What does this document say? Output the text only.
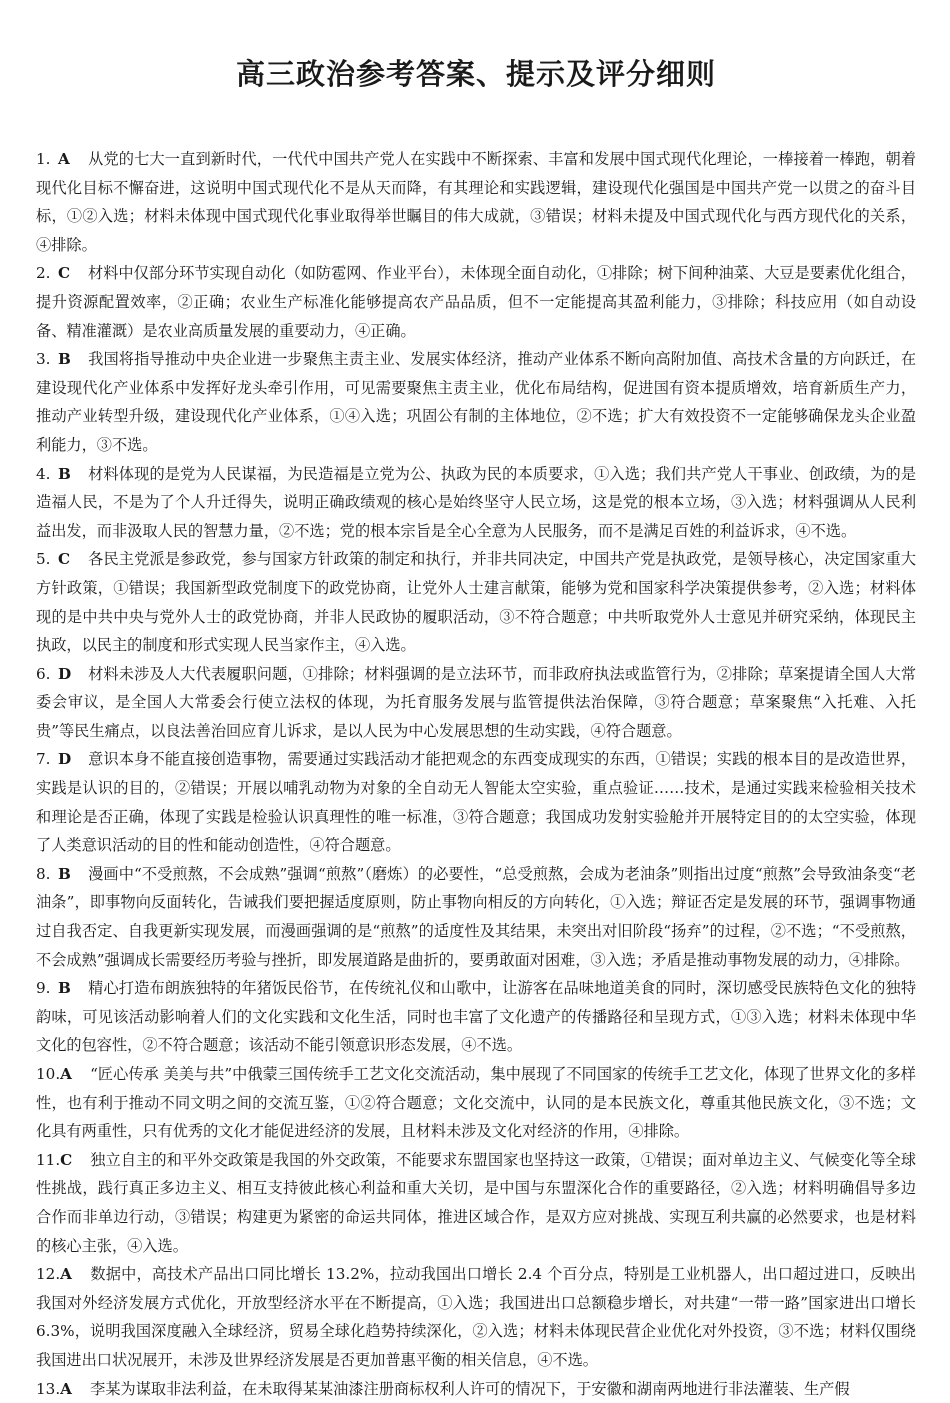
高三政治参考答案、提示及评分细则

1. A 从党的七大一直到新时代，一代代中国共产党人在实践中不断探索、丰富和发展中国式现代化理论，一棒接着一棒跑，朝着现代化目标不懈奋进，这说明中国式现代化不是从天而降，有其理论和实践逻辑，建设现代化强国是中国共产党一以贯之的奋斗目标，①②入选；材料未体现中国式现代化事业取得举世瞩目的伟大成就，③错误；材料未提及中国式现代化与西方现代化的关系，④排除。

2. C 材料中仅部分环节实现自动化（如防雹网、作业平台），未体现全面自动化，①排除；树下间种油菜、大豆是要素优化组合，提升资源配置效率，②正确；农业生产标准化能够提高农产品品质，但不一定能提高其盈利能力，③排除；科技应用（如自动设备、精准灌溉）是农业高质量发展的重要动力，④正确。

3. B 我国将指导推动中央企业进一步聚焦主责主业、发展实体经济，推动产业体系不断向高附加值、高技术含量的方向跃迁，在建设现代化产业体系中发挥好龙头牵引作用，可见需要聚焦主责主业，优化布局结构，促进国有资本提质增效，培育新质生产力，推动产业转型升级，建设现代化产业体系，①④入选；巩固公有制的主体地位，②不选；扩大有效投资不一定能够确保龙头企业盈利能力，③不选。

4. B 材料体现的是党为人民谋福，为民造福是立党为公、执政为民的本质要求，①入选；我们共产党人干事业、创政绩，为的是造福人民，不是为了个人升迁得失，说明正确政绩观的核心是始终坚守人民立场，这是党的根本立场，③入选；材料强调从人民利益出发，而非汲取人民的智慧力量，②不选；党的根本宗旨是全心全意为人民服务，而不是满足百姓的利益诉求，④不选。

5. C 各民主党派是参政党，参与国家方针政策的制定和执行，并非共同决定，中国共产党是执政党，是领导核心，决定国家重大方针政策，①错误；我国新型政党制度下的政党协商，让党外人士建言献策，能够为党和国家科学决策提供参考，②入选；材料体现的是中共中央与党外人士的政党协商，并非人民政协的履职活动，③不符合题意；中共听取党外人士意见并研究采纳，体现民主执政，以民主的制度和形式实现人民当家作主，④入选。

6. D 材料未涉及人大代表履职问题，①排除；材料强调的是立法环节，而非政府执法或监管行为，②排除；草案提请全国人大常委会审议，是全国人大常委会行使立法权的体现，为托育服务发展与监管提供法治保障，③符合题意；草案聚焦“入托难、入托贵”等民生痛点，以良法善治回应育儿诉求，是以人民为中心发展思想的生动实践，④符合题意。

7. D 意识本身不能直接创造事物，需要通过实践活动才能把观念的东西变成现实的东西，①错误；实践的根本目的是改造世界，实践是认识的目的，②错误；开展以哺乳动物为对象的全自动无人智能太空实验，重点验证……技术，是通过实践来检验相关技术和理论是否正确，体现了实践是检验认识真理性的唯一标准，③符合题意；我国成功发射实验舱并开展特定目的的太空实验，体现了人类意识活动的目的性和能动创造性，④符合题意。

8. B 漫画中“不受煎熬，不会成熟”强调“煎熬”（磨炼）的必要性，“总受煎熬，会成为老油条”则指出过度“煎熬”会导致油条变“老油条”，即事物向反面转化，告诫我们要把握适度原则，防止事物向相反的方向转化，①入选；辩证否定是发展的环节，强调事物通过自我否定、自我更新实现发展，而漫画强调的是“煎熬”的适度性及其结果，未突出对旧阶段“扬弃”的过程，②不选；“不受煎熬，不会成熟”强调成长需要经历考验与挫折，即发展道路是曲折的，要勇敢面对困难，③入选；矛盾是推动事物发展的动力，④排除。

9. B 精心打造布朗族独特的年猪饭民俗节，在传统礼仪和山歌中，让游客在品味地道美食的同时，深切感受民族特色文化的独特韵味，可见该活动影响着人们的文化实践和文化生活，同时也丰富了文化遗产的传播路径和呈现方式，①③入选；材料未体现中华文化的包容性，②不符合题意；该活动不能引领意识形态发展，④不选。

10.A “匠心传承 美美与共”中俄蒙三国传统手工艺文化交流活动，集中展现了不同国家的传统手工艺文化，体现了世界文化的多样性，也有利于推动不同文明之间的交流互鉴，①②符合题意；文化交流中，认同的是本民族文化，尊重其他民族文化，③不选；文化具有两重性，只有优秀的文化才能促进经济的发展，且材料未涉及文化对经济的作用，④排除。

11.C 独立自主的和平外交政策是我国的外交政策，不能要求东盟国家也坚持这一政策，①错误；面对单边主义、气候变化等全球性挑战，践行真正多边主义、相互支持彼此核心利益和重大关切，是中国与东盟深化合作的重要路径，②入选；材料明确倡导多边合作而非单边行动，③错误；构建更为紧密的命运共同体，推进区域合作，是双方应对挑战、实现互利共赢的必然要求，也是材料的核心主张，④入选。

12.A 数据中，高技术产品出口同比增长 13.2%，拉动我国出口增长 2.4 个百分点，特别是工业机器人，出口超过进口，反映出我国对外经济发展方式优化，开放型经济水平在不断提高，①入选；我国进出口总额稳步增长，对共建“一带一路”国家进出口增长 6.3%，说明我国深度融入全球经济，贸易全球化趋势持续深化，②入选；材料未体现民营企业优化对外投资，③不选；材料仅围绕我国进出口状况展开，未涉及世界经济发展是否更加普惠平衡的相关信息，④不选。

13.A 李某为谋取非法利益，在未取得某某油漆注册商标权利人许可的情况下，于安徽和湖南两地进行非法灌装、生产假
